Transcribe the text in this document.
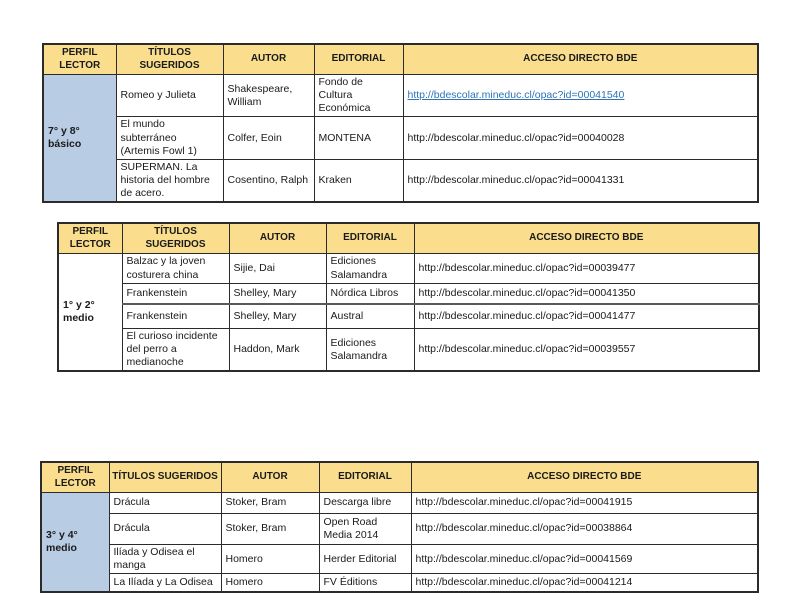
PERFIL LECTOR	TÍTULOS SUGERIDOS	AUTOR	EDITORIAL	ACCESO DIRECTO BDE
7° y 8° básico	Romeo y Julieta	Shakespeare, William	Fondo de Cultura Económica	http://bdescolar.mineduc.cl/opac?id=00041540
	El mundo subterráneo (Artemis Fowl 1)	Colfer, Eoin	MONTENA	http://bdescolar.mineduc.cl/opac?id=00040028
	SUPERMAN. La historia del hombre de acero.	Cosentino, Ralph	Kraken	http://bdescolar.mineduc.cl/opac?id=00041331
PERFIL LECTOR	TÍTULOS SUGERIDOS	AUTOR	EDITORIAL	ACCESO DIRECTO BDE
1° y 2° medio	Balzac y la joven costurera china	Sijie, Dai	Ediciones Salamandra	http://bdescolar.mineduc.cl/opac?id=00039477
	Frankenstein	Shelley, Mary	Nórdica Libros	http://bdescolar.mineduc.cl/opac?id=00041350
	Frankenstein	Shelley, Mary	Austral	http://bdescolar.mineduc.cl/opac?id=00041477
	El curioso incidente del perro a medianoche	Haddon, Mark	Ediciones Salamandra	http://bdescolar.mineduc.cl/opac?id=00039557
PERFIL LECTOR	TÍTULOS SUGERIDOS	AUTOR	EDITORIAL	ACCESO DIRECTO BDE
3° y 4° medio	Drácula	Stoker, Bram	Descarga libre	http://bdescolar.mineduc.cl/opac?id=00041915
	Drácula	Stoker, Bram	Open Road Media 2014	http://bdescolar.mineduc.cl/opac?id=00038864
	Ilíada y Odisea el manga	Homero	Herder Editorial	http://bdescolar.mineduc.cl/opac?id=00041569
	La Ilíada y La Odisea	Homero	FV Éditions	http://bdescolar.mineduc.cl/opac?id=00041214
